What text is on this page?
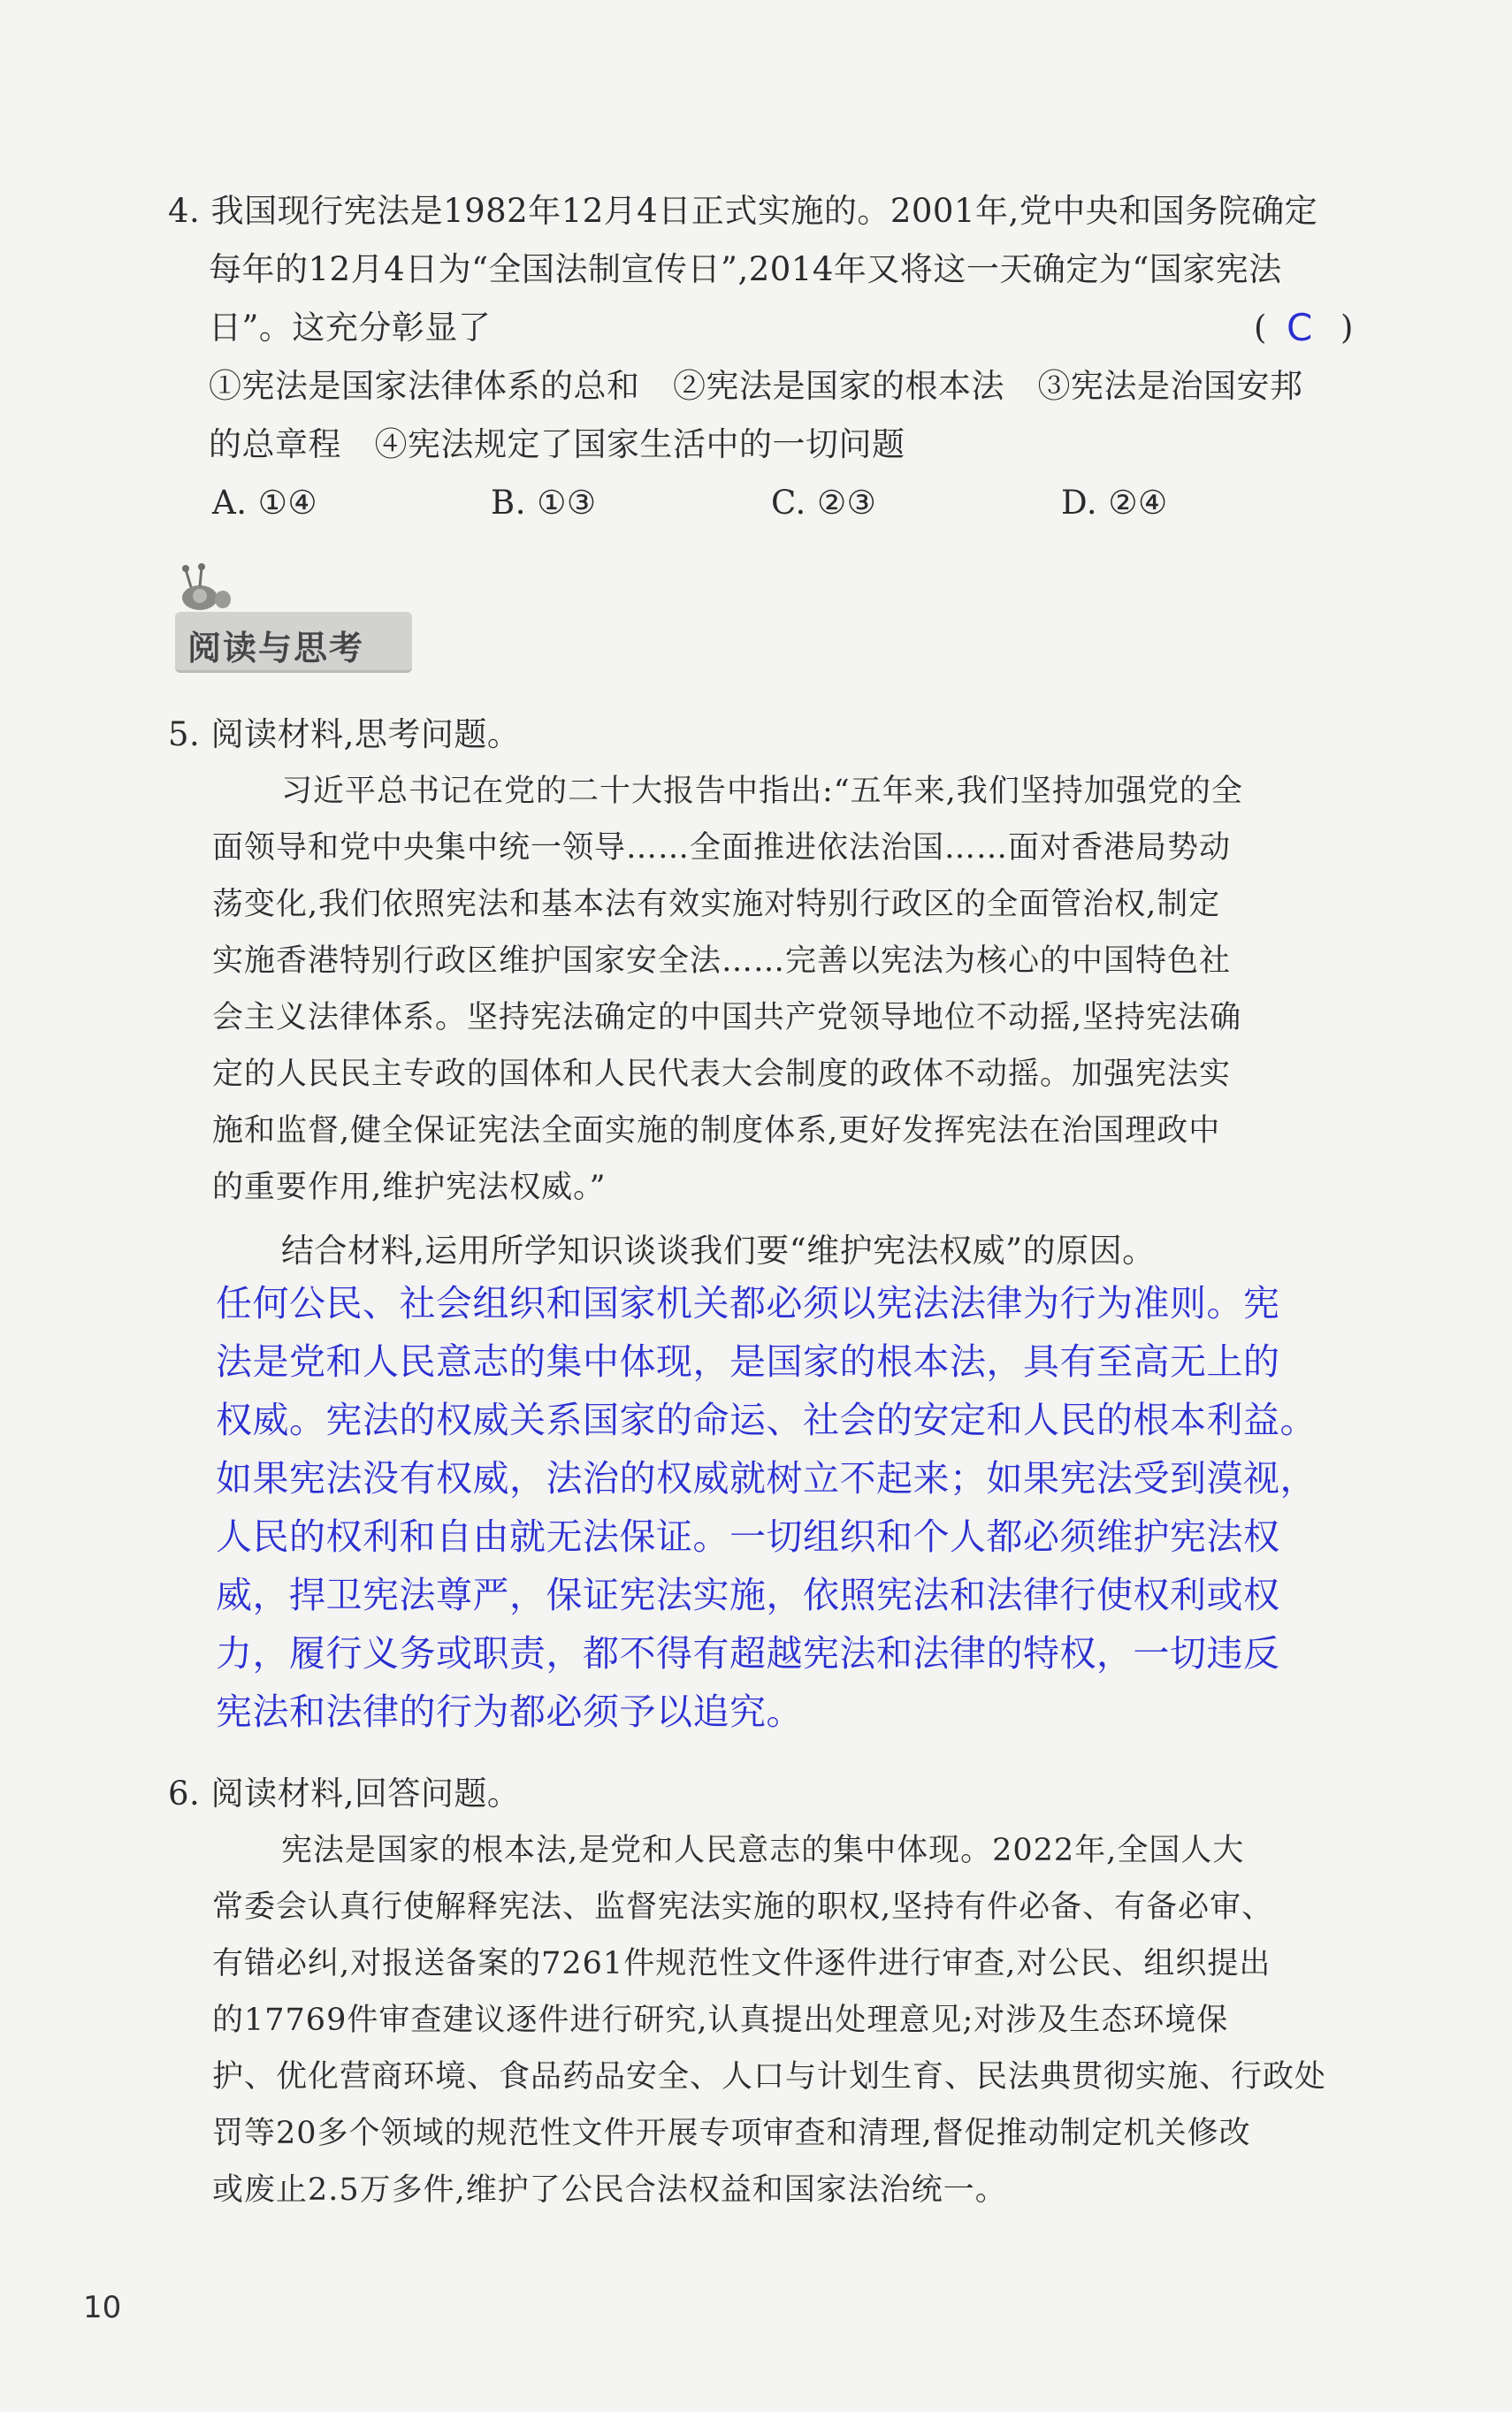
4. 我国现行宪法是1982年12月4日正式实施的。2001年,党中央和国务院确定
每年的12月4日为“全国法制宣传日”,2014年又将这一天确定为“国家宪法
日”。这充分彰显了	( C )
①宪法是国家法律体系的总和　②宪法是国家的根本法　③宪法是治国安邦
的总章程　④宪法规定了国家生活中的一切问题
A. ①④	B. ①③	C. ②③	D. ②④
阅读与思考
5. 阅读材料,思考问题。
习近平总书记在党的二十大报告中指出:“五年来,我们坚持加强党的全
面领导和党中央集中统一领导……全面推进依法治国……面对香港局势动
荡变化,我们依照宪法和基本法有效实施对特别行政区的全面管治权,制定
实施香港特别行政区维护国家安全法……完善以宪法为核心的中国特色社
会主义法律体系。坚持宪法确定的中国共产党领导地位不动摇,坚持宪法确
定的人民民主专政的国体和人民代表大会制度的政体不动摇。加强宪法实
施和监督,健全保证宪法全面实施的制度体系,更好发挥宪法在治国理政中
的重要作用,维护宪法权威。”
结合材料,运用所学知识谈谈我们要“维护宪法权威”的原因。
任何公民、社会组织和国家机关都必须以宪法法律为行为准则。宪
法是党和人民意志的集中体现，是国家的根本法，具有至高无上的
权威。宪法的权威关系国家的命运、社会的安定和人民的根本利益。
如果宪法没有权威，法治的权威就树立不起来；如果宪法受到漠视，
人民的权利和自由就无法保证。一切组织和个人都必须维护宪法权
威，捍卫宪法尊严，保证宪法实施，依照宪法和法律行使权利或权
力，履行义务或职责，都不得有超越宪法和法律的特权，一切违反
宪法和法律的行为都必须予以追究。
6. 阅读材料,回答问题。
宪法是国家的根本法,是党和人民意志的集中体现。2022年,全国人大
常委会认真行使解释宪法、监督宪法实施的职权,坚持有件必备、有备必审、
有错必纠,对报送备案的7261件规范性文件逐件进行审查,对公民、组织提出
的17769件审查建议逐件进行研究,认真提出处理意见;对涉及生态环境保
护、优化营商环境、食品药品安全、人口与计划生育、民法典贯彻实施、行政处
罚等20多个领域的规范性文件开展专项审查和清理,督促推动制定机关修改
或废止2.5万多件,维护了公民合法权益和国家法治统一。
10
